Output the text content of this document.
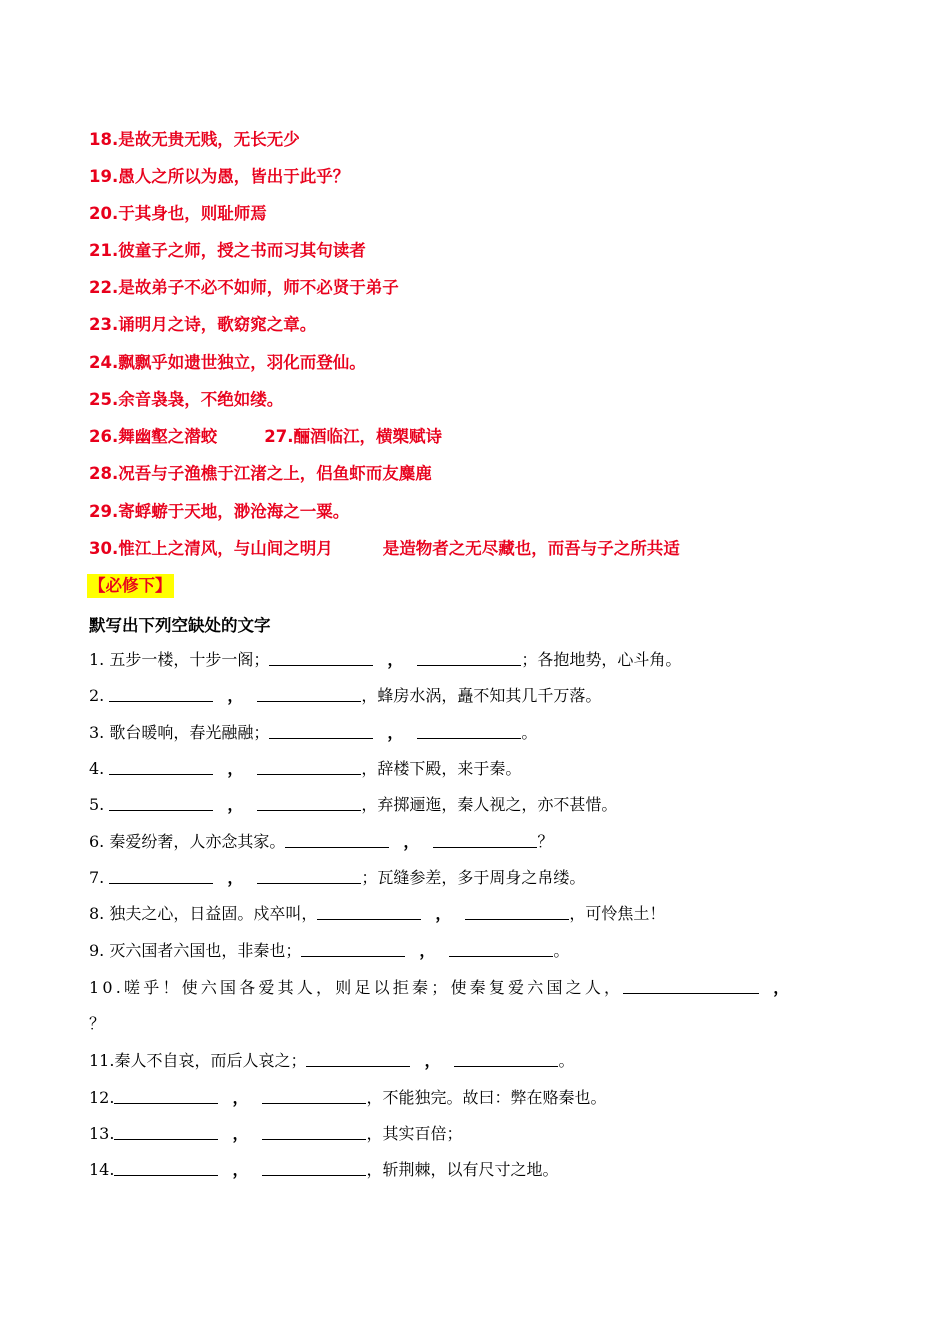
18.是故无贵无贱，无长无少
19.愚人之所以为愚，皆出于此乎？
20.于其身也，则耻师焉
21.彼童子之师，授之书而习其句读者
22.是故弟子不必不如师，师不必贤于弟子
23.诵明月之诗，歌窈窕之章。
24.飘飘乎如遗世独立，羽化而登仙。
25.余音袅袅，不绝如缕。
26.舞幽壑之潜蛟	27.酾酒临江，横槊赋诗
28.况吾与子渔樵于江渚之上，侣鱼虾而友麋鹿
29.寄蜉蝣于天地，渺沧海之一粟。
30.惟江上之清风，与山间之明月	是造物者之无尽藏也，而吾与子之所共适
【必修下】
默写出下列空缺处的文字
1. 五步一楼，十步一阁；	，	；各抱地势，心斗角。
2.	，	，蜂房水涡，矗不知其几千万落。
3. 歌台暖响，春光融融；	，	。
4.	，	，辞楼下殿，来于秦。
5.	，	，弃掷逦迤，秦人视之，亦不甚惜。
6. 秦爱纷奢，人亦念其家。	，	？
7.	，	；瓦缝参差，多于周身之帛缕。
8. 独夫之心，日益固。戍卒叫，	，	，可怜焦土！
9. 灭六国者六国也，非秦也；	，	。
10.嗟乎！使六国各爱其人，则足以拒秦；使秦复爱六国之人，	，
？
11.秦人不自哀，而后人哀之；	，	。
12.	，	，不能独完。故曰：弊在赂秦也。
13.	，	，其实百倍；
14.	，	，斩荆棘，以有尺寸之地。
